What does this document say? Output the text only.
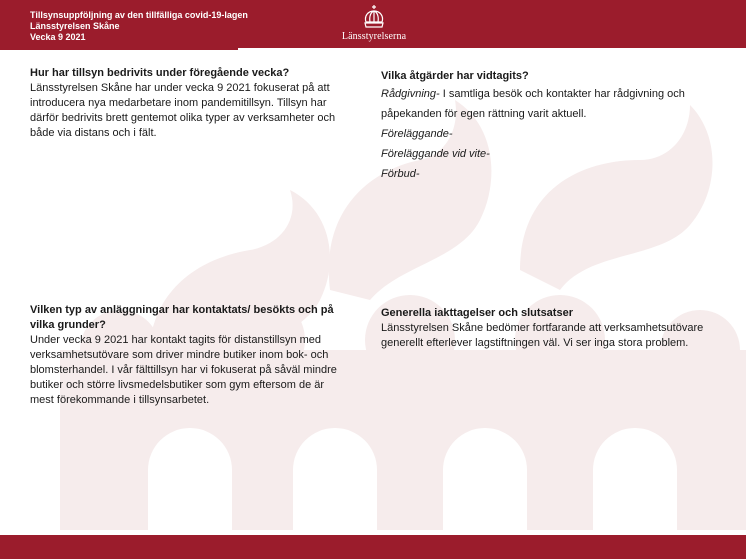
Tillsynsuppföljning av den tillfälliga covid-19-lagen
Länsstyrelsen Skåne
Vecka 9 2021	Länsstyrelserna
Hur har tillsyn bedrivits under föregående vecka?
Länsstyrelsen Skåne har under vecka 9 2021 fokuserat på att introducera nya medarbetare inom pandemitillsyn. Tillsyn har därför bedrivits brett gentemot olika typer av verksamheter och både via distans och i fält.
Vilka åtgärder har vidtagits?
Rådgivning- I samtliga besök och kontakter har rådgivning och påpekanden för egen rättning varit aktuell.
Föreläggande-
Föreläggande vid vite-
Förbud-
Vilken typ av anläggningar har kontaktats/ besökts och på vilka grunder?
Under vecka 9 2021 har kontakt tagits för distanstillsyn med verksamhetsutövare som driver mindre butiker inom bok- och blomsterhandel. I vår fälttillsyn har vi fokuserat på såväl mindre butiker och större livsmedelsbutiker som gym eftersom de är mest förekommande i tillsynsarbetet.
Generella iakttagelser och slutsatser
Länsstyrelsen Skåne bedömer fortfarande att verksamhetsutövare generellt efterlever lagstiftningen väl. Vi ser inga stora problem.
